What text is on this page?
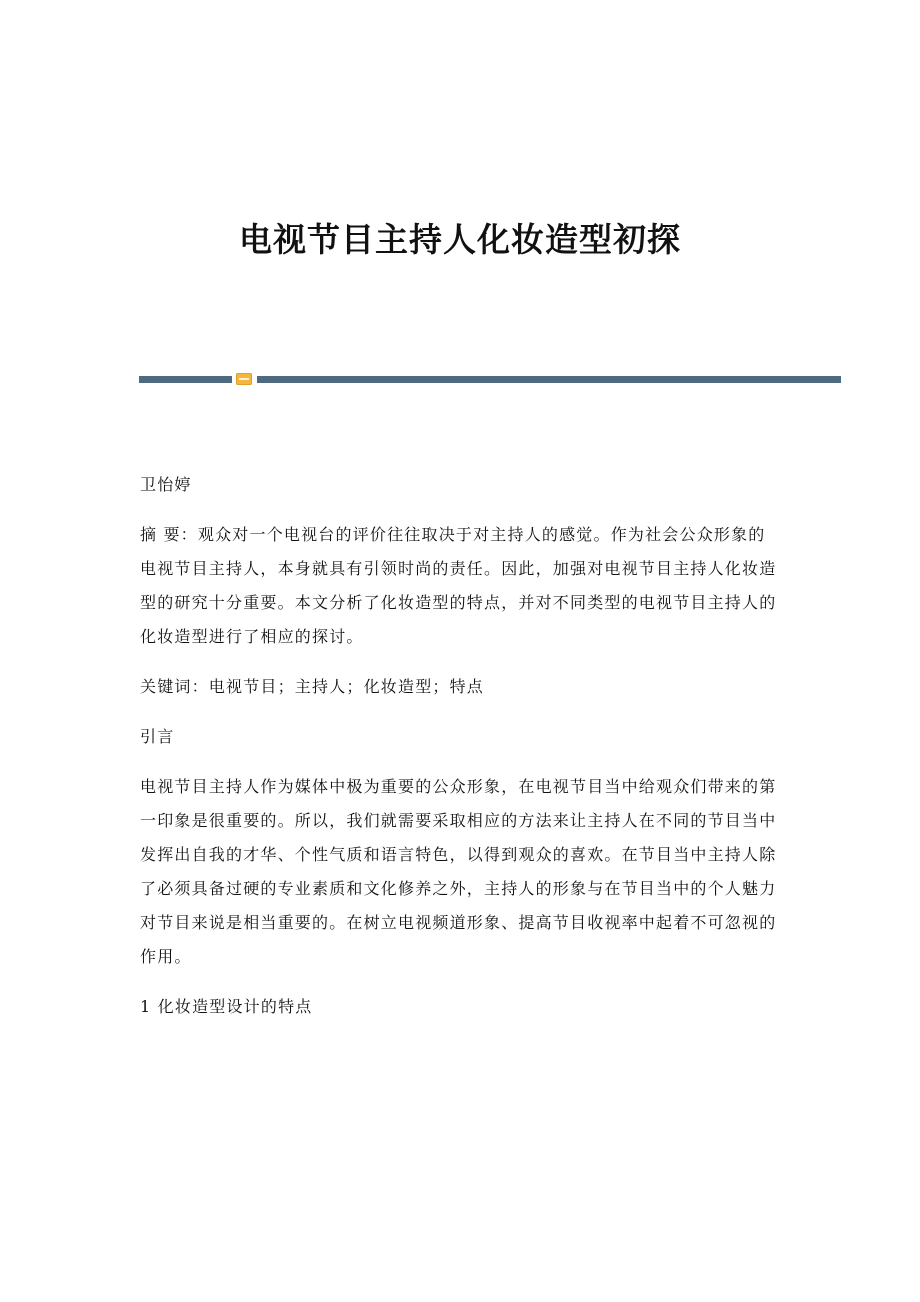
电视节目主持人化妆造型初探

卫怡婷

摘 要：观众对一个电视台的评价往往取决于对主持人的感觉。作为社会公众形象的电视节目主持人，本身就具有引领时尚的责任。因此，加强对电视节目主持人化妆造型的研究十分重要。本文分析了化妆造型的特点，并对不同类型的电视节目主持人的化妆造型进行了相应的探讨。

关键词：电视节目；主持人；化妆造型；特点

引言

电视节目主持人作为媒体中极为重要的公众形象，在电视节目当中给观众们带来的第一印象是很重要的。所以，我们就需要采取相应的方法来让主持人在不同的节目当中发挥出自我的才华、个性气质和语言特色，以得到观众的喜欢。在节目当中主持人除了必须具备过硬的专业素质和文化修养之外，主持人的形象与在节目当中的个人魅力对节目来说是相当重要的。在树立电视频道形象、提高节目收视率中起着不可忽视的作用。

1 化妆造型设计的特点
